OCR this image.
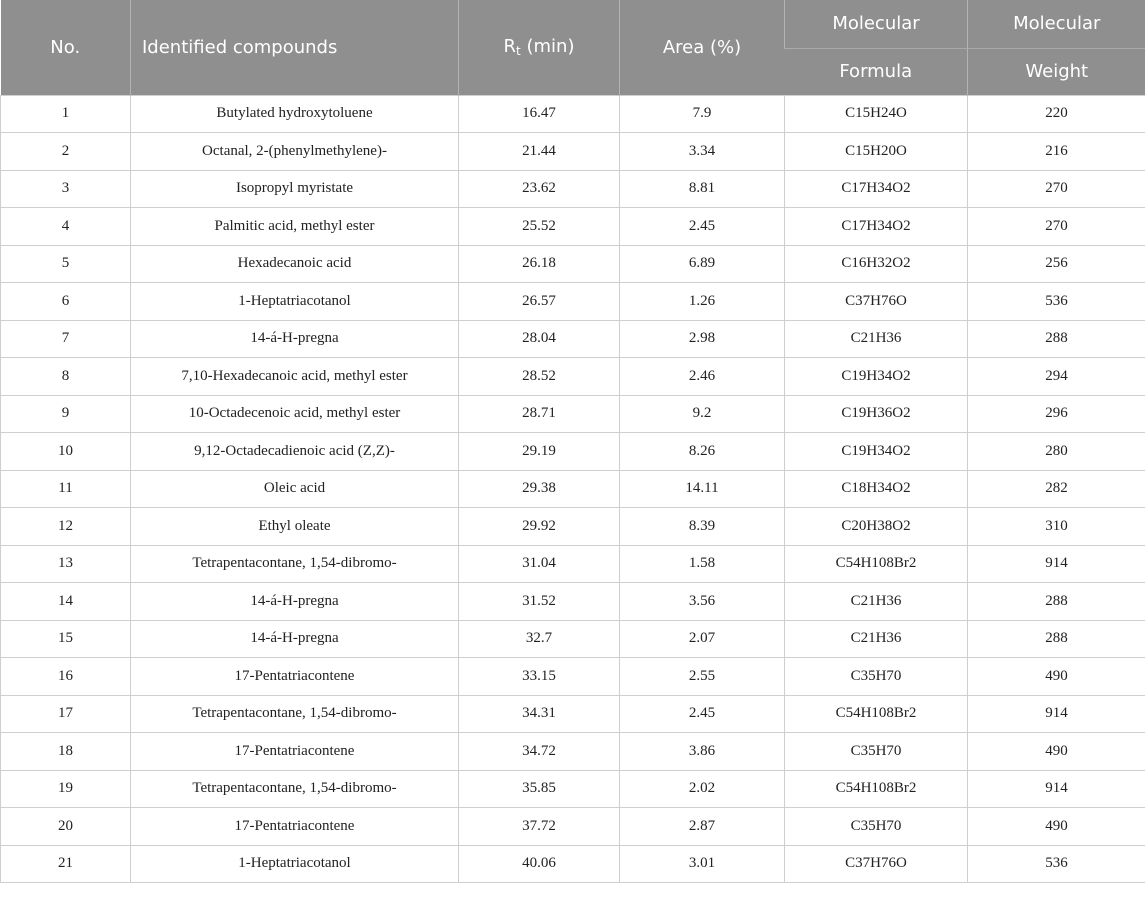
No.	Identified compounds	$R_t$ (min)	Area (%)	Molecular	Molecular
				Formula	Weight
1	Butylated hydroxytoluene	16.47	7.9	C15H24O	220
2	Octanal, 2-(phenylmethylene)-	21.44	3.34	C15H20O	216
3	Isopropyl myristate	23.62	8.81	C17H34O2	270
4	Palmitic acid, methyl ester	25.52	2.45	C17H34O2	270
5	Hexadecanoic acid	26.18	6.89	C16H32O2	256
6	1-Heptatriacotanol	26.57	1.26	C37H76O	536
7	14-á-H-pregna	28.04	2.98	C21H36	288
8	7,10-Hexadecanoic acid, methyl ester	28.52	2.46	C19H34O2	294
9	10-Octadecenoic acid, methyl ester	28.71	9.2	C19H36O2	296
10	9,12-Octadecadienoic acid (Z,Z)-	29.19	8.26	C19H34O2	280
11	Oleic acid	29.38	14.11	C18H34O2	282
12	Ethyl oleate	29.92	8.39	C20H38O2	310
13	Tetrapentacontane, 1,54-dibromo-	31.04	1.58	C54H108Br2	914
14	14-á-H-pregna	31.52	3.56	C21H36	288
15	14-á-H-pregna	32.7	2.07	C21H36	288
16	17-Pentatriacontene	33.15	2.55	C35H70	490
17	Tetrapentacontane, 1,54-dibromo-	34.31	2.45	C54H108Br2	914
18	17-Pentatriacontene	34.72	3.86	C35H70	490
19	Tetrapentacontane, 1,54-dibromo-	35.85	2.02	C54H108Br2	914
20	17-Pentatriacontene	37.72	2.87	C35H70	490
21	1-Heptatriacotanol	40.06	3.01	C37H76O	536
